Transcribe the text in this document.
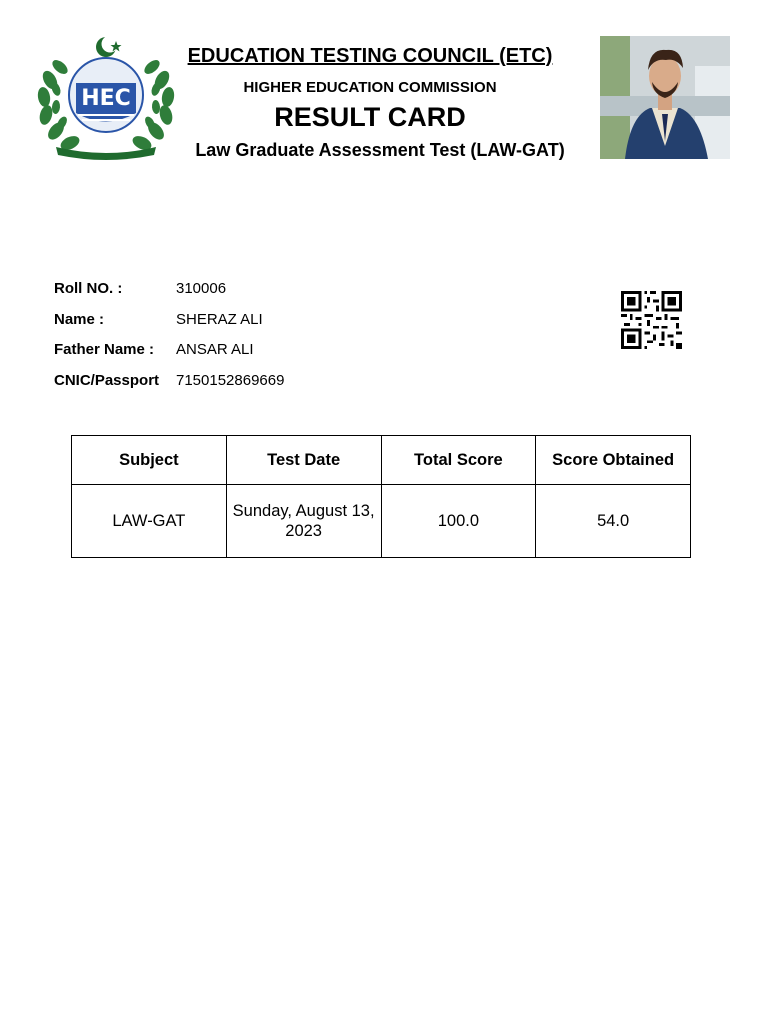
HEC
EDUCATION TESTING COUNCIL (ETC)
HIGHER EDUCATION COMMISSION
RESULT CARD
Law Graduate Assessment Test (LAW-GAT)
Roll NO. :	310006
Name :	SHERAZ ALI
Father Name :	ANSAR ALI
CNIC/Passport	7150152869669
Subject	Test Date	Total Score	Score Obtained
LAW-GAT	Sunday, August 13, 2023	100.0	54.0
